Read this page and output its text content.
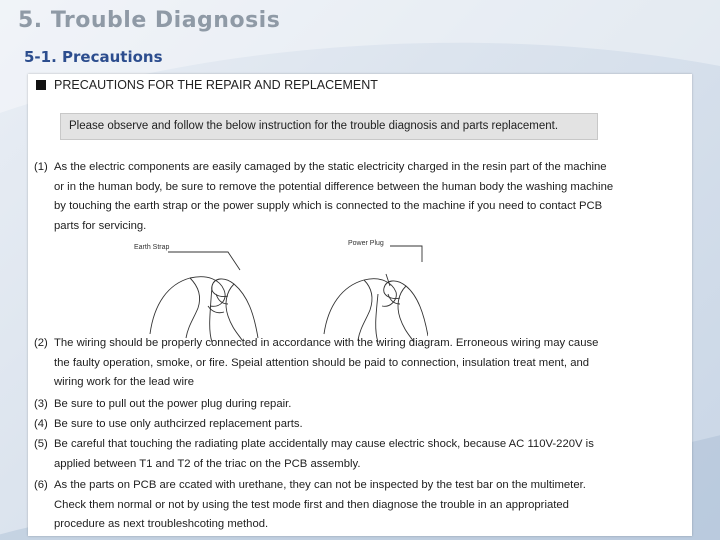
5. Trouble Diagnosis
5-1. Precautions
PRECAUTIONS FOR THE REPAIR AND REPLACEMENT
Please observe and follow the below instruction for the trouble diagnosis and parts replacement.
(1) As the electric components are easily camaged by the static electricity charged in the resin part of the machine or in the human body, be sure to remove the potential difference between the human body the washing machine by touching the earth strap or the power supply which is connected to the machine if you need to contact PCB parts for servicing.
Earth Strap
Power Plug
(2) The wiring should be properly connected in accordance with the wiring diagram. Erroneous wiring may cause the faulty operation, smoke, or fire. Speial attention should be paid to connection, insulation treat ment, and wiring work for the lead wire
(3) Be sure to pull out the power plug during repair.
(4) Be sure to use only authcirzed replacement parts.
(5) Be careful that touching the radiating plate accidentally may cause electric shock, because AC 110V-220V is applied between T1 and T2 of the triac on the PCB assembly.
(6) As the parts on PCB are ccated with urethane, they can not be inspected by the test bar on the multimeter. Check them normal or not by using the test mode first and then diagnose the trouble in an appropriated procedure as next troubleshcoting method.
